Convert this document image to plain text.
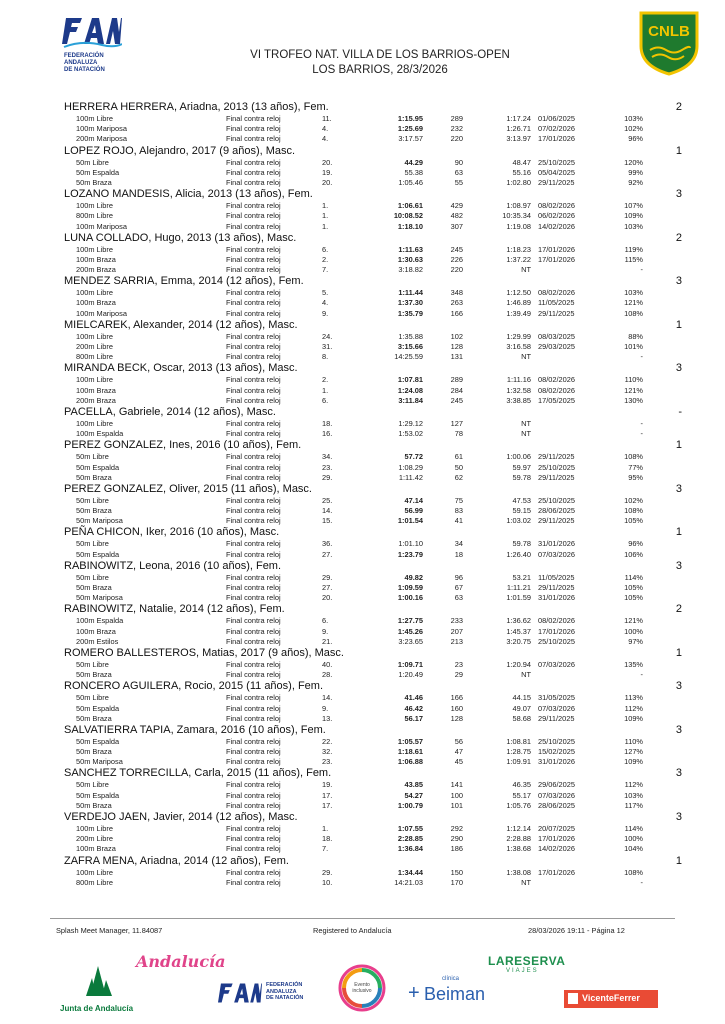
FEDERACIÓN
ANDALUZA
DE NATACIÓN
VI TROFEO NAT. VILLA DE LOS BARRIOS-OPEN
LOS BARRIOS, 28/3/2026
CNLB
HERRERA HERRERA, Ariadna, 2013 (13 años), Fem.	2
100m Libre	Final contra reloj	11.	1:15.95	289	1:17.24 01/06/2025	103%
100m Mariposa	Final contra reloj	4.	1:25.69	232	1:26.71 07/02/2026	102%
200m Mariposa	Final contra reloj	4.	3:17.57	220	3:13.97 17/01/2026	96%
LOPEZ ROJO, Alejandro, 2017 (9 años), Masc.	1
50m Libre	Final contra reloj	20.	44.29	90	48.47 25/10/2025	120%
50m Espalda	Final contra reloj	19.	55.38	63	55.16 05/04/2025	99%
50m Braza	Final contra reloj	20.	1:05.46	55	1:02.80 29/11/2025	92%
LOZANO MANDESIS, Alicia, 2013 (13 años), Fem.	3
100m Libre	Final contra reloj	1.	1:06.61	429	1:08.97 08/02/2026	107%
800m Libre	Final contra reloj	1.	10:08.52	482	10:35.34 06/02/2026	109%
100m Mariposa	Final contra reloj	1.	1:18.10	307	1:19.08 14/02/2026	103%
LUNA COLLADO, Hugo, 2013 (13 años), Masc.	2
100m Libre	Final contra reloj	6.	1:11.63	245	1:18.23 17/01/2026	119%
100m Braza	Final contra reloj	2.	1:30.63	226	1:37.22 17/01/2026	115%
200m Braza	Final contra reloj	7.	3:18.82	220	NT	-
MENDEZ SARRIA, Emma, 2014 (12 años), Fem.	3
100m Libre	Final contra reloj	5.	1:11.44	348	1:12.50 08/02/2026	103%
100m Braza	Final contra reloj	4.	1:37.30	263	1:46.89 11/05/2025	121%
100m Mariposa	Final contra reloj	9.	1:35.79	166	1:39.49 29/11/2025	108%
MIELCAREK, Alexander, 2014 (12 años), Masc.	1
100m Libre	Final contra reloj	24.	1:35.88	102	1:29.99 08/03/2025	88%
200m Libre	Final contra reloj	31.	3:15.66	128	3:16.58 29/03/2025	101%
800m Libre	Final contra reloj	8.	14:25.59	131	NT	-
MIRANDA BECK, Oscar, 2013 (13 años), Masc.	3
100m Libre	Final contra reloj	2.	1:07.81	289	1:11.16 08/02/2026	110%
100m Braza	Final contra reloj	1.	1:24.08	284	1:32.58 08/02/2026	121%
200m Braza	Final contra reloj	6.	3:11.84	245	3:38.85 17/05/2025	130%
PACELLA, Gabriele, 2014 (12 años), Masc.	-
100m Libre	Final contra reloj	18.	1:29.12	127	NT	-
100m Espalda	Final contra reloj	16.	1:53.02	78	NT	-
PEREZ GONZALEZ, Ines, 2016 (10 años), Fem.	1
50m Libre	Final contra reloj	34.	57.72	61	1:00.06 29/11/2025	108%
50m Espalda	Final contra reloj	23.	1:08.29	50	59.97 25/10/2025	77%
50m Braza	Final contra reloj	29.	1:11.42	62	59.78 29/11/2025	95%
PEREZ GONZALEZ, Oliver, 2015 (11 años), Masc.	3
50m Libre	Final contra reloj	25.	47.14	75	47.53 25/10/2025	102%
50m Braza	Final contra reloj	14.	56.99	83	59.15 28/06/2025	108%
50m Mariposa	Final contra reloj	15.	1:01.54	41	1:03.02 29/11/2025	105%
PEÑA CHICON, Iker, 2016 (10 años), Masc.	1
50m Libre	Final contra reloj	36.	1:01.10	34	59.78 31/01/2026	96%
50m Espalda	Final contra reloj	27.	1:23.79	18	1:26.40 07/03/2026	106%
RABINOWITZ, Leona, 2016 (10 años), Fem.	3
50m Libre	Final contra reloj	29.	49.82	96	53.21 11/05/2025	114%
50m Braza	Final contra reloj	27.	1:09.59	67	1:11.21 29/11/2025	105%
50m Mariposa	Final contra reloj	20.	1:00.16	63	1:01.59 31/01/2026	105%
RABINOWITZ, Natalie, 2014 (12 años), Fem.	2
100m Espalda	Final contra reloj	6.	1:27.75	233	1:36.62 08/02/2026	121%
100m Braza	Final contra reloj	9.	1:45.26	207	1:45.37 17/01/2026	100%
200m Estilos	Final contra reloj	21.	3:23.65	213	3:20.75 25/10/2025	97%
ROMERO BALLESTEROS, Matias, 2017 (9 años), Masc.	1
50m Libre	Final contra reloj	40.	1:09.71	23	1:20.94 07/03/2026	135%
50m Braza	Final contra reloj	28.	1:20.49	29	NT	-
RONCERO AGUILERA, Rocio, 2015 (11 años), Fem.	3
50m Libre	Final contra reloj	14.	41.46	166	44.15 31/05/2025	113%
50m Espalda	Final contra reloj	9.	46.42	160	49.07 07/03/2026	112%
50m Braza	Final contra reloj	13.	56.17	128	58.68 29/11/2025	109%
SALVATIERRA TAPIA, Zamara, 2016 (10 años), Fem.	3
50m Espalda	Final contra reloj	22.	1:05.57	56	1:08.81 25/10/2025	110%
50m Braza	Final contra reloj	32.	1:18.61	47	1:28.75 15/02/2025	127%
50m Mariposa	Final contra reloj	23.	1:06.88	45	1:09.91 31/01/2026	109%
SANCHEZ TORRECILLA, Carla, 2015 (11 años), Fem.	3
50m Libre	Final contra reloj	19.	43.85	141	46.35 29/06/2025	112%
50m Espalda	Final contra reloj	17.	54.27	100	55.17 07/03/2026	103%
50m Braza	Final contra reloj	17.	1:00.79	101	1:05.76 28/06/2025	117%
VERDEJO JAEN, Javier, 2014 (12 años), Masc.	3
100m Libre	Final contra reloj	1.	1:07.55	292	1:12.14 20/07/2025	114%
200m Libre	Final contra reloj	18.	2:28.85	290	2:28.88 17/01/2026	100%
100m Braza	Final contra reloj	7.	1:36.84	186	1:38.68 14/02/2026	104%
ZAFRA MENA, Ariadna, 2014 (12 años), Fem.	1
100m Libre	Final contra reloj	29.	1:34.44	150	1:38.08 17/01/2026	108%
800m Libre	Final contra reloj	10.	14:21.03	170	NT	-
Splash Meet Manager, 11.84087	Registered to Andalucía	28/03/2026 19:11 - Página 12
Junta de Andalucía
Andalucía
FEDERACIÓN
ANDALUZA
DE NATACIÓN
Evento inclusivo
clínica
+ Beiman
LARESERVA
VIAJES
VicenteFerrer
